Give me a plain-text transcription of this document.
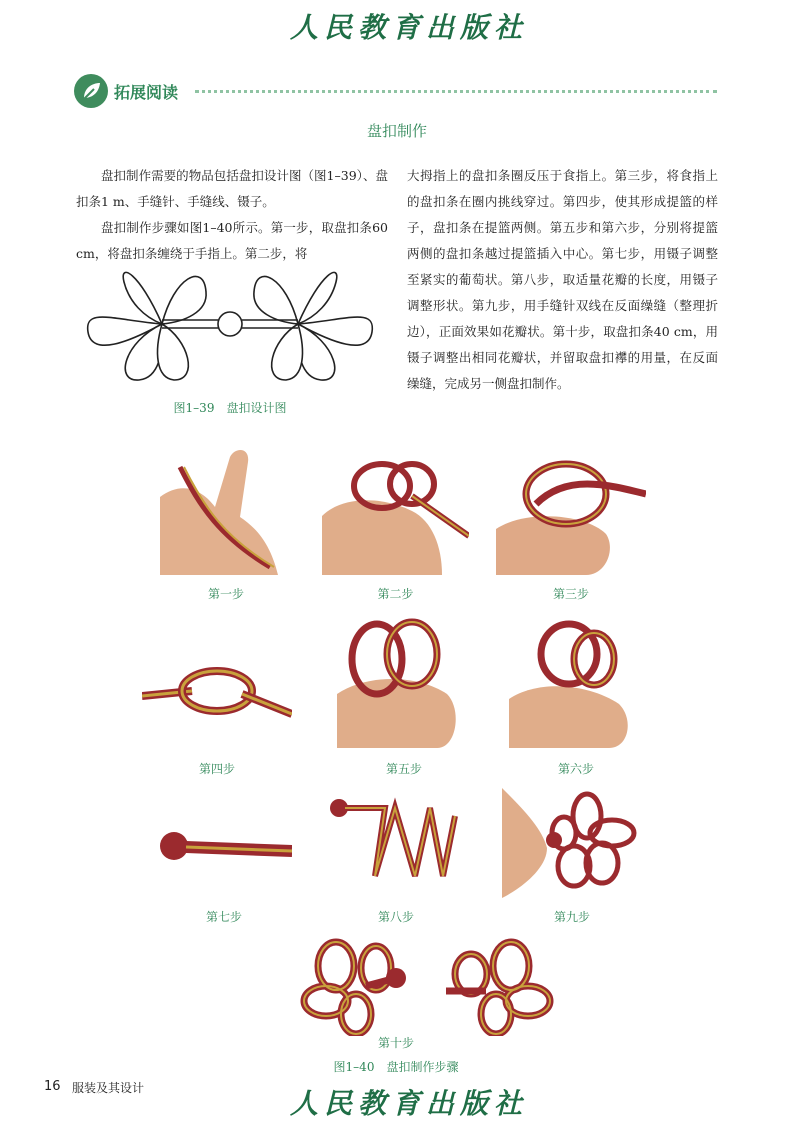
人民教育出版社
拓展阅读
盘扣制作

盘扣制作需要的物品包括盘扣设计图（图1–39）、盘扣条1 m、手缝针、手缝线、镊子。

盘扣制作步骤如图1–40所示。第一步，取盘扣条60 cm，将盘扣条缠绕于手指上。第二步，将

图1–39　盘扣设计图

大拇指上的盘扣条圈反压于食指上。第三步，将食指上的盘扣条在圈内挑线穿过。第四步，使其形成提篮的样子，盘扣条在提篮两侧。第五步和第六步，分别将提篮两侧的盘扣条越过提篮插入中心。第七步，用镊子调整至紧实的葡萄状。第八步，取适量花瓣的长度，用镊子调整形状。第九步，用手缝针双线在反面缲缝（整理折边），正面效果如花瓣状。第十步，取盘扣条40 cm，用镊子调整出相同花瓣状，并留取盘扣襻的用量，在反面缲缝，完成另一侧盘扣制作。

第一步	第二步	第三步
第四步	第五步	第六步
第七步	第八步	第九步
第十步
图1–40　盘扣制作步骤
16 服装及其设计	人民教育出版社
